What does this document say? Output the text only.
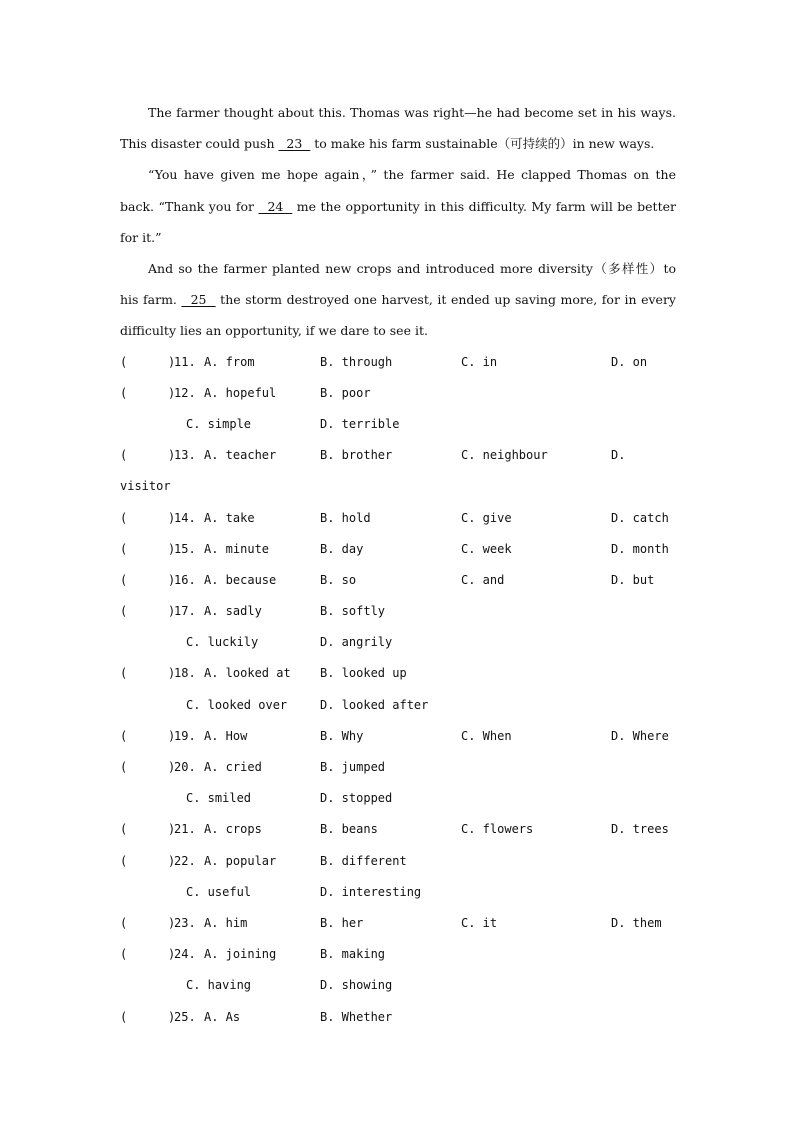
The farmer thought about this. Thomas was right—he had become set in his ways. This disaster could push   23   to make his farm sustainable（可持续的）in new ways.

“You have given me hope again，” the farmer said. He clapped Thomas on the back. “Thank you for   24   me the opportunity in this difficulty. My farm will be better for it.”

And so the farmer planted new crops and introduced more diversity（多样性）to his farm.   25   the storm destroyed one harvest, it ended up saving more, for in every difficulty lies an opportunity, if we dare to see it.

(	)
11. A. from	B. through	C. in	D. on
(	)
12. A. hopeful	B. poor
C. simple	D. terrible
(	)
13. A. teacher	B. brother	C. neighbour	D.
visitor
(	)
14. A. take	B. hold	C. give	D. catch
(	)
15. A. minute	B. day	C. week	D. month
(	)
16. A. because	B. so	C. and	D. but
(	)
17. A. sadly	B. softly
C. luckily	D. angrily
(	)
18. A. looked at B. looked up
C. looked over	D. looked after
(	)
19. A. How	B. Why	C. When	D. Where
(	)
20. A. cried	B. jumped
C. smiled	D. stopped
(	)
21. A. crops	B. beans	C. flowers	D. trees
(	)
22. A. popular	B. different
C. useful	D. interesting
(	)
23. A. him	B. her	C. it	D. them
(	)
24. A. joining	B. making
C. having	D. showing
(	)
25. A. As	B. Whether
